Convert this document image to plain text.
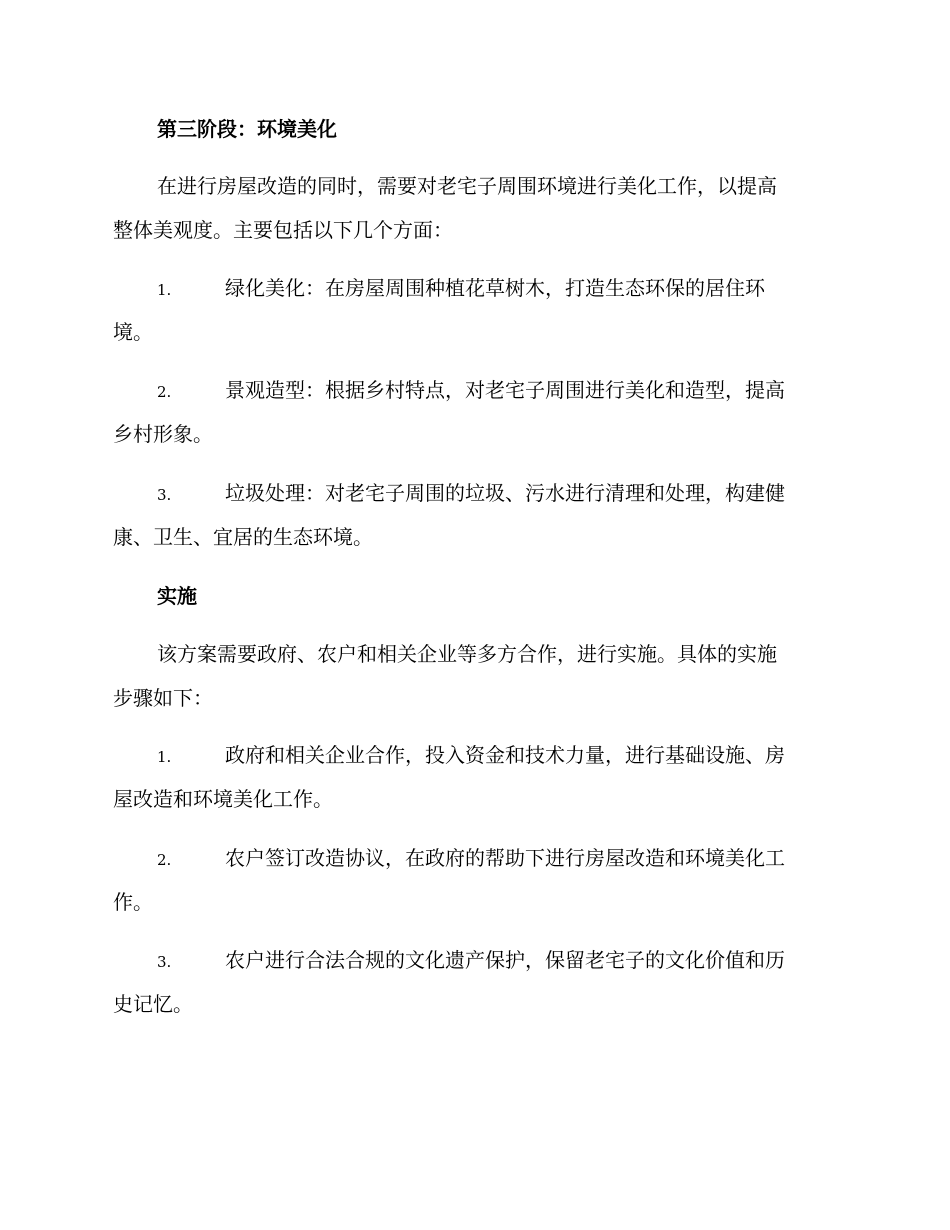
第三阶段：环境美化
在进行房屋改造的同时，需要对老宅子周围环境进行美化工作，以提高
整体美观度。主要包括以下几个方面：
1.	绿化美化：在房屋周围种植花草树木，打造生态环保的居住环
境。
2.	景观造型：根据乡村特点，对老宅子周围进行美化和造型，提高
乡村形象。
3.	垃圾处理：对老宅子周围的垃圾、污水进行清理和处理，构建健
康、卫生、宜居的生态环境。
实施
该方案需要政府、农户和相关企业等多方合作，进行实施。具体的实施
步骤如下：
1.	政府和相关企业合作，投入资金和技术力量，进行基础设施、房
屋改造和环境美化工作。
2.	农户签订改造协议，在政府的帮助下进行房屋改造和环境美化工
作。
3.	农户进行合法合规的文化遗产保护，保留老宅子的文化价值和历
史记忆。
